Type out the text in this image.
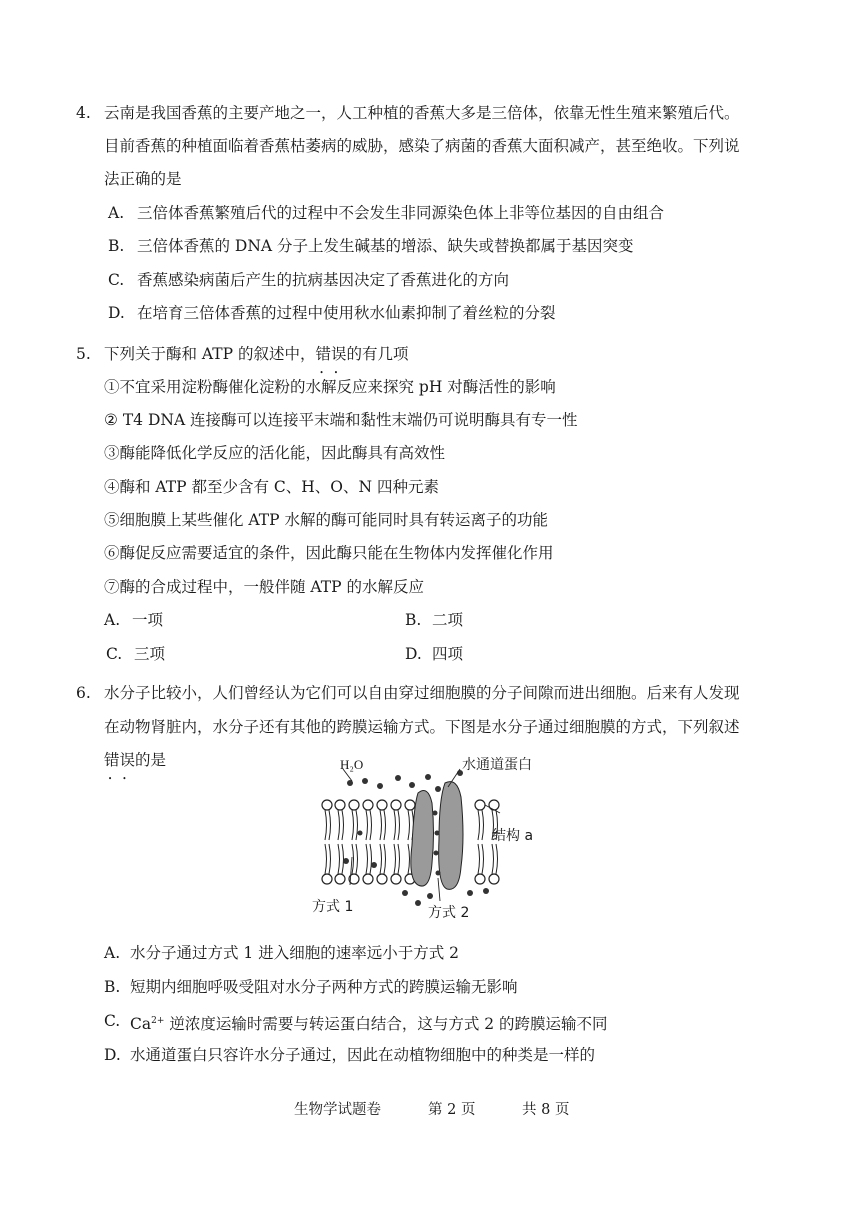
4. 云南是我国香蕉的主要产地之一，人工种植的香蕉大多是三倍体，依靠无性生殖来繁殖后代。
目前香蕉的种植面临着香蕉枯萎病的威胁，感染了病菌的香蕉大面积减产，甚至绝收。下列说
法正确的是
A. 三倍体香蕉繁殖后代的过程中不会发生非同源染色体上非等位基因的自由组合
B. 三倍体香蕉的 DNA 分子上发生碱基的增添、缺失或替换都属于基因突变
C. 香蕉感染病菌后产生的抗病基因决定了香蕉进化的方向
D. 在培育三倍体香蕉的过程中使用秋水仙素抑制了着丝粒的分裂
5. 下列关于酶和 ATP 的叙述中，错误 • •的有几项
①不宜采用淀粉酶催化淀粉的水解反应来探究 pH 对酶活性的影响
② T4 DNA 连接酶可以连接平末端和黏性末端仍可说明酶具有专一性
③酶能降低化学反应的活化能，因此酶具有高效性
④酶和 ATP 都至少含有 C、H、O、N 四种元素
⑤细胞膜上某些催化 ATP 水解的酶可能同时具有转运离子的功能
⑥酶促反应需要适宜的条件，因此酶只能在生物体内发挥催化作用
⑦酶的合成过程中，一般伴随 ATP 的水解反应
A. 一项	B. 二项
C. 三项	D. 四项
6. 水分子比较小，人们曾经认为它们可以自由穿过细胞膜的分子间隙而进出细胞。后来有人发现
在动物肾脏内，水分子还有其他的跨膜运输方式。下图是水分子通过细胞膜的方式，下列叙述
错误 • •的是	H₂O	水通道蛋白
结构 a
方式 1	方式 2
A. 水分子通过方式 1 进入细胞的速率远小于方式 2
B. 短期内细胞呼吸受阻对水分子两种方式的跨膜运输无影响
C. $Ca^{2+}$ 逆浓度运输时需要与转运蛋白结合，这与方式 2 的跨膜运输不同
D. 水通道蛋白只容许水分子通过，因此在动植物细胞中的种类是一样的
生物学试题卷	第 2 页	共 8 页
